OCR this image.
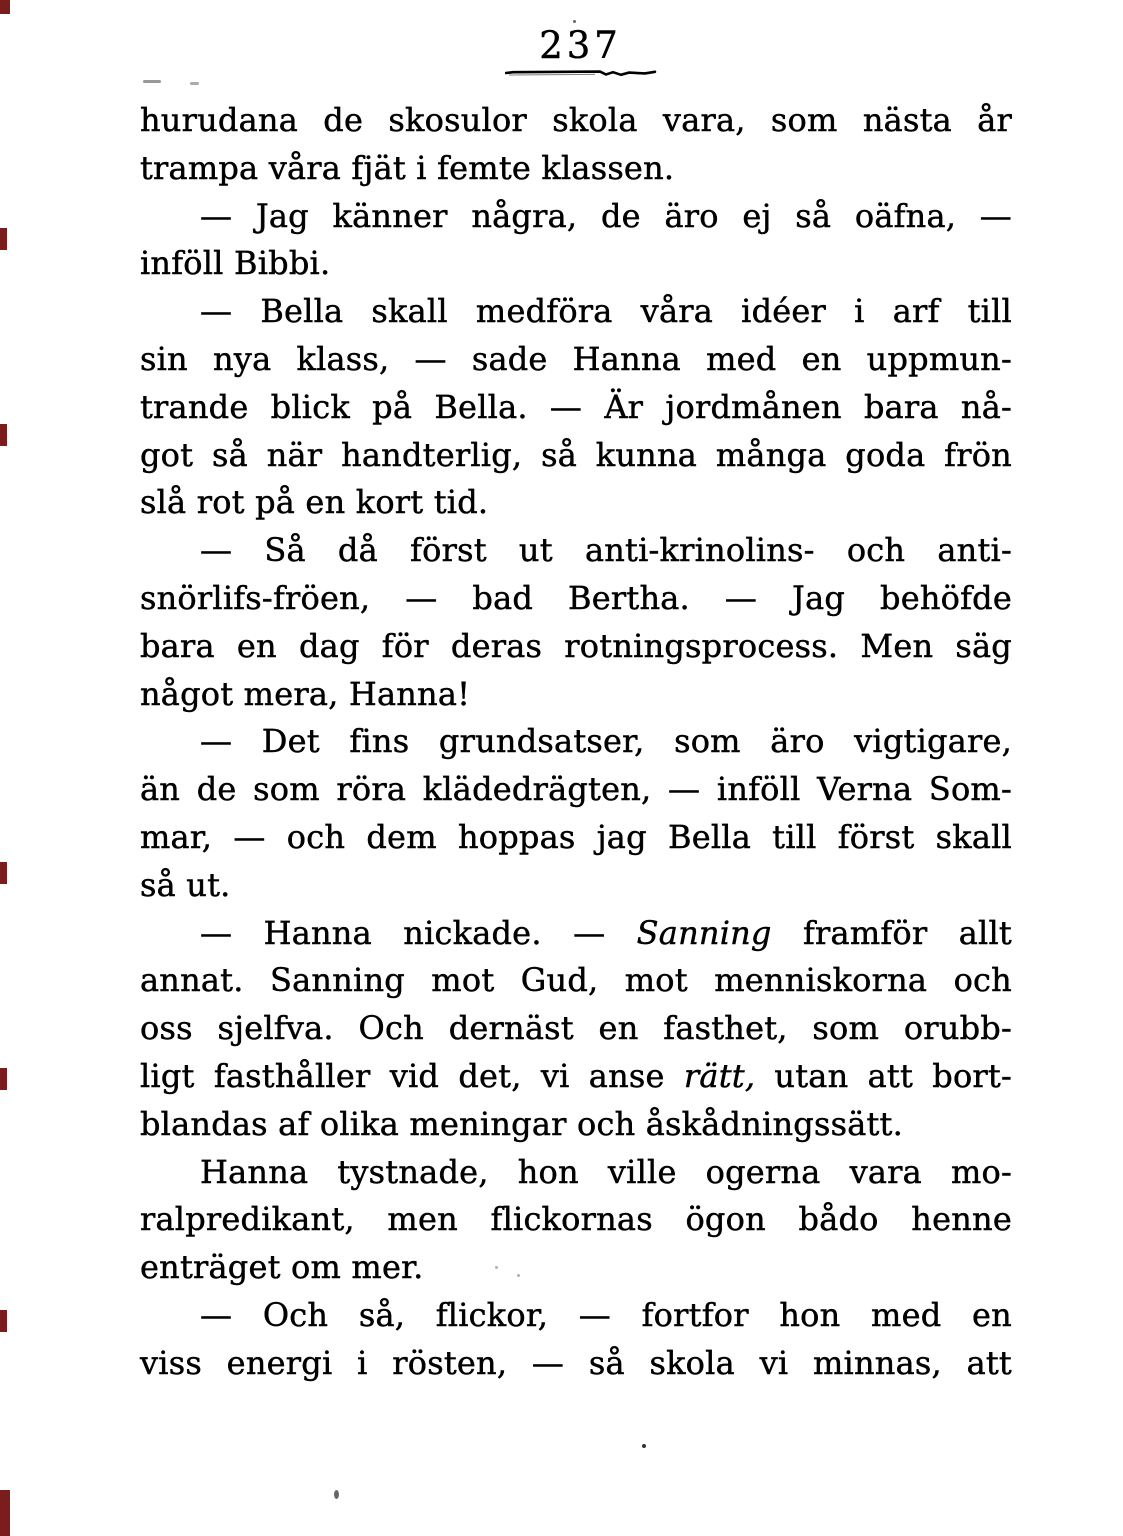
237
hurudana de skosulor skola vara, som nästa år
trampa våra fjät i femte klassen.
— Jag känner några, de äro ej så oäfna, —
inföll Bibbi.
— Bella skall medföra våra idéer i arf till
sin nya klass, — sade Hanna med en uppmun-
trande blick på Bella. — Är jordmånen bara nå-
got så när handterlig, så kunna många goda frön
slå rot på en kort tid.
— Så då först ut anti-krinolins- och anti-
snörlifs-fröen, — bad Bertha. — Jag behöfde
bara en dag för deras rotningsprocess. Men säg
något mera, Hanna!
— Det fins grundsatser, som äro vigtigare,
än de som röra klädedrägten, — inföll Verna Som-
mar, — och dem hoppas jag Bella till först skall
så ut.
— Hanna nickade. — Sanning framför allt
annat. Sanning mot Gud, mot menniskorna och
oss sjelfva. Och dernäst en fasthet, som orubb-
ligt fasthåller vid det, vi anse rätt, utan att bort-
blandas af olika meningar och åskådningssätt.
Hanna tystnade, hon ville ogerna vara mo-
ralpredikant, men flickornas ögon bådo henne
enträget om mer.
— Och så, flickor, — fortfor hon med en
viss energi i rösten, — så skola vi minnas, att
